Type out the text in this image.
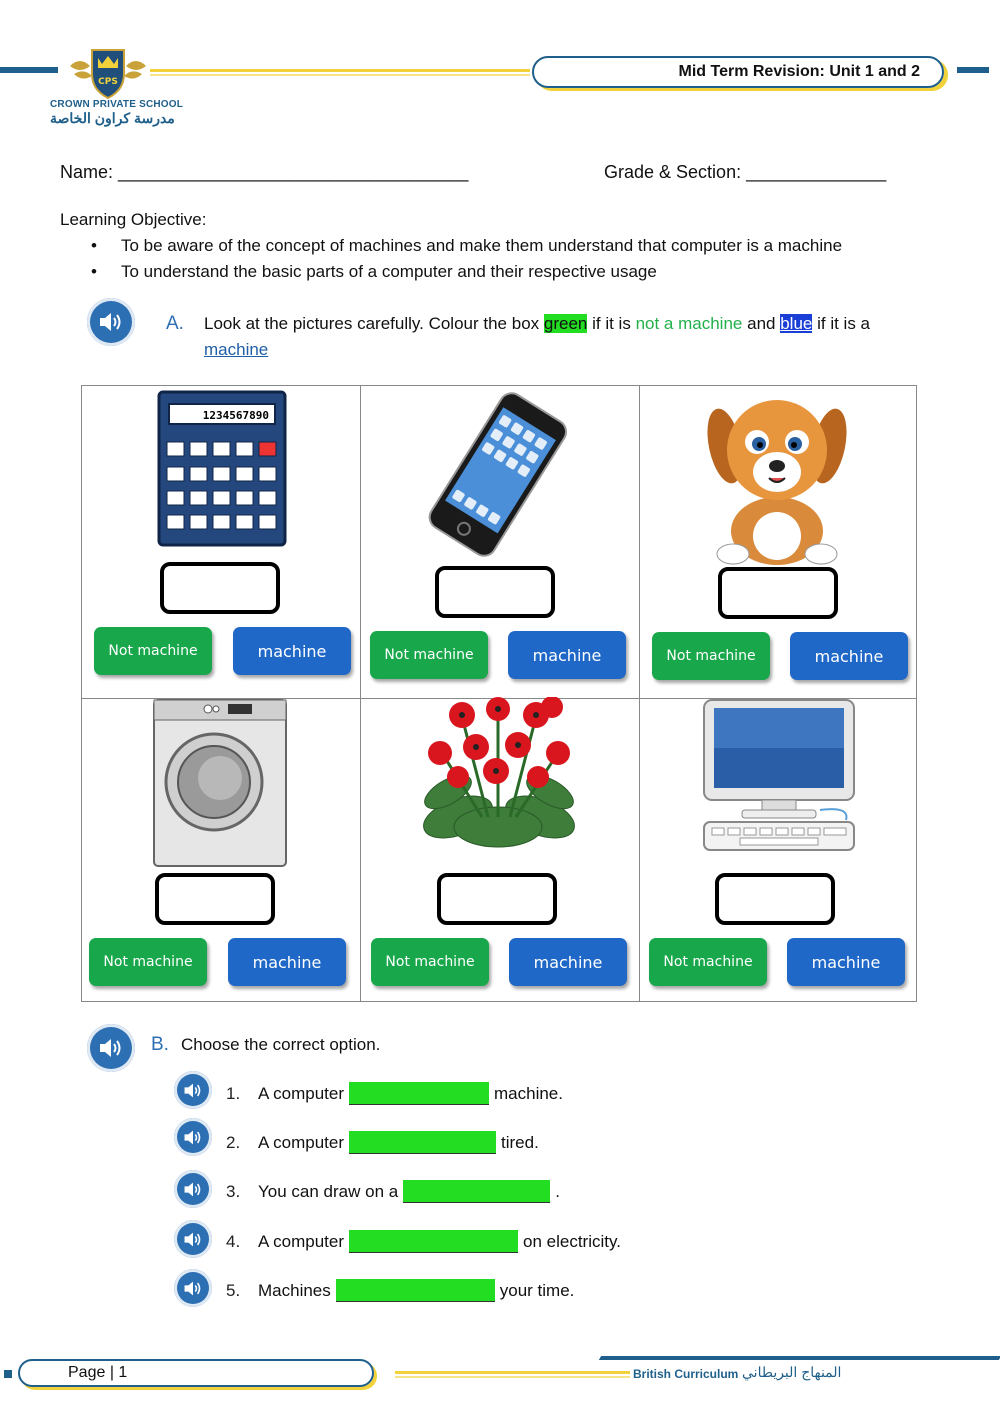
Mid Term Revision: Unit 1 and 2
CPS
CROWN PRIVATE SCHOOL
مدرسة كراون الخاصة
Name: ___________________________________	Grade & Section: ______________
Learning Objective:
• To be aware of the concept of machines and make them understand that computer is a machine
• To understand the basic parts of a computer and their respective usage
A. Look at the pictures carefully. Colour the box green if it is not a machine and blue if it is a
machine
1234567890
Not machine	machine	Not machine	machine	Not machine	machine
Not machine	machine	Not machine	machine	Not machine	machine
B. Choose the correct option.
1.	A computer	machine.
2.	A computer	tired.
3.	You can draw on a	.
4.	A computer	on electricity.
5.	Machines	your time.
Page | 1	British Curriculum المنهاج البريطاني
